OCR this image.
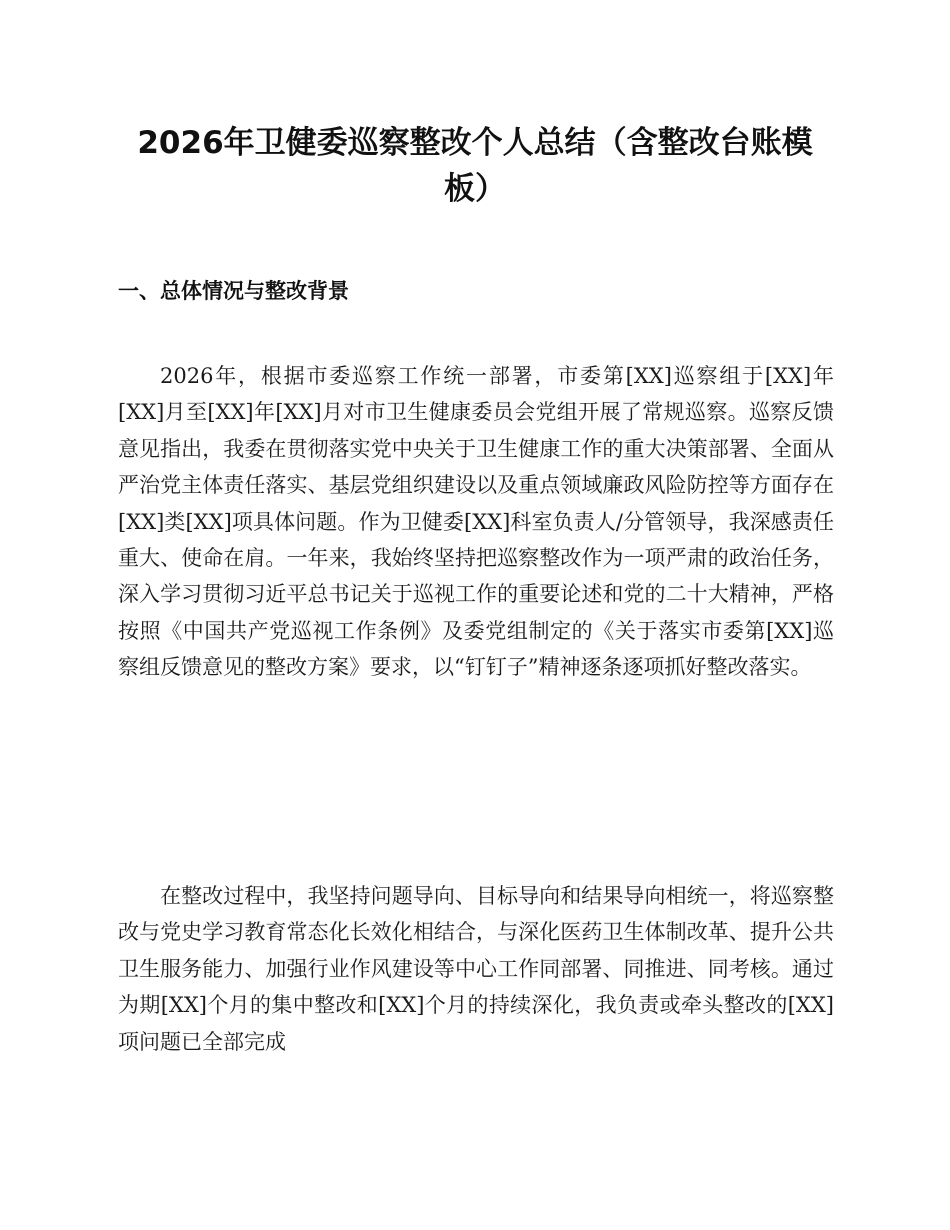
2026年卫健委巡察整改个人总结（含整改台账模板）
一、总体情况与整改背景

2026年，根据市委巡察工作统一部署，市委第[XX]巡察组于[XX]年[XX]月至[XX]年[XX]月对市卫生健康委员会党组开展了常规巡察。巡察反馈意见指出，我委在贯彻落实党中央关于卫生健康工作的重大决策部署、全面从严治党主体责任落实、基层党组织建设以及重点领域廉政风险防控等方面存在[XX]类[XX]项具体问题。作为卫健委[XX]科室负责人/分管领导，我深感责任重大、使命在肩。一年来，我始终坚持把巡察整改作为一项严肃的政治任务，深入学习贯彻习近平总书记关于巡视工作的重要论述和党的二十大精神，严格按照《中国共产党巡视工作条例》及委党组制定的《关于落实市委第[XX]巡察组反馈意见的整改方案》要求，以“钉钉子”精神逐条逐项抓好整改落实。

在整改过程中，我坚持问题导向、目标导向和结果导向相统一，将巡察整改与党史学习教育常态化长效化相结合，与深化医药卫生体制改革、提升公共卫生服务能力、加强行业作风建设等中心工作同部署、同推进、同考核。通过为期[XX]个月的集中整改和[XX]个月的持续深化，我负责或牵头整改的[XX]项问题已全部完成
